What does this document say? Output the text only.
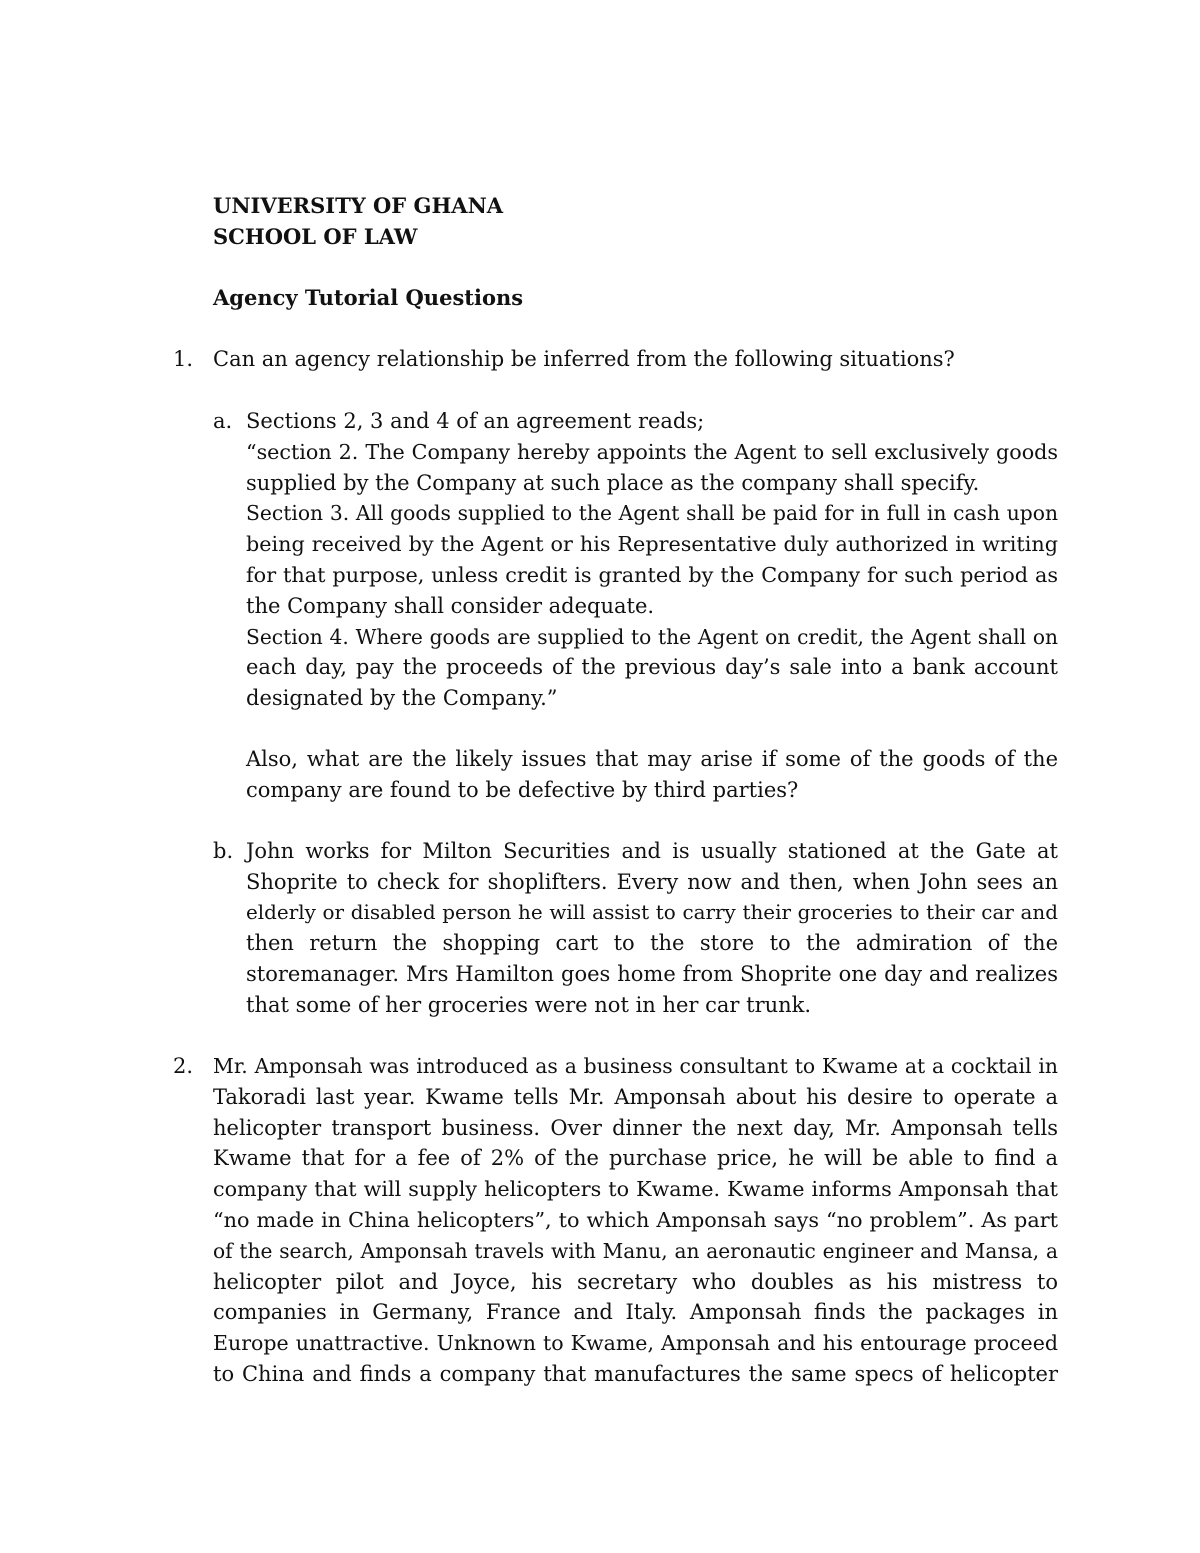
UNIVERSITY OF GHANA
SCHOOL OF LAW
Agency Tutorial Questions
1. Can an agency relationship be inferred from the following situations?
a. Sections 2, 3 and 4 of an agreement reads;
“section 2. The Company hereby appoints the Agent to sell exclusively goods
supplied by the Company at such place as the company shall specify.
Section 3. All goods supplied to the Agent shall be paid for in full in cash upon
being received by the Agent or his Representative duly authorized in writing
for that purpose, unless credit is granted by the Company for such period as
the Company shall consider adequate.
Section 4. Where goods are supplied to the Agent on credit, the Agent shall on
each day, pay the proceeds of the previous day’s sale into a bank account
designated by the Company.”
Also, what are the likely issues that may arise if some of the goods of the
company are found to be defective by third parties?
b. John works for Milton Securities and is usually stationed at the Gate at
Shoprite to check for shoplifters. Every now and then, when John sees an
elderly or disabled person he will assist to carry their groceries to their car and
then return the shopping cart to the store to the admiration of the
storemanager. Mrs Hamilton goes home from Shoprite one day and realizes
that some of her groceries were not in her car trunk.
2. Mr. Amponsah was introduced as a business consultant to Kwame at a cocktail in
Takoradi last year. Kwame tells Mr. Amponsah about his desire to operate a
helicopter transport business. Over dinner the next day, Mr. Amponsah tells
Kwame that for a fee of 2% of the purchase price, he will be able to find a
company that will supply helicopters to Kwame. Kwame informs Amponsah that
“no made in China helicopters”, to which Amponsah says “no problem”. As part
of the search, Amponsah travels with Manu, an aeronautic engineer and Mansa, a
helicopter pilot and Joyce, his secretary who doubles as his mistress to
companies in Germany, France and Italy. Amponsah finds the packages in
Europe unattractive. Unknown to Kwame, Amponsah and his entourage proceed
to China and finds a company that manufactures the same specs of helicopter
